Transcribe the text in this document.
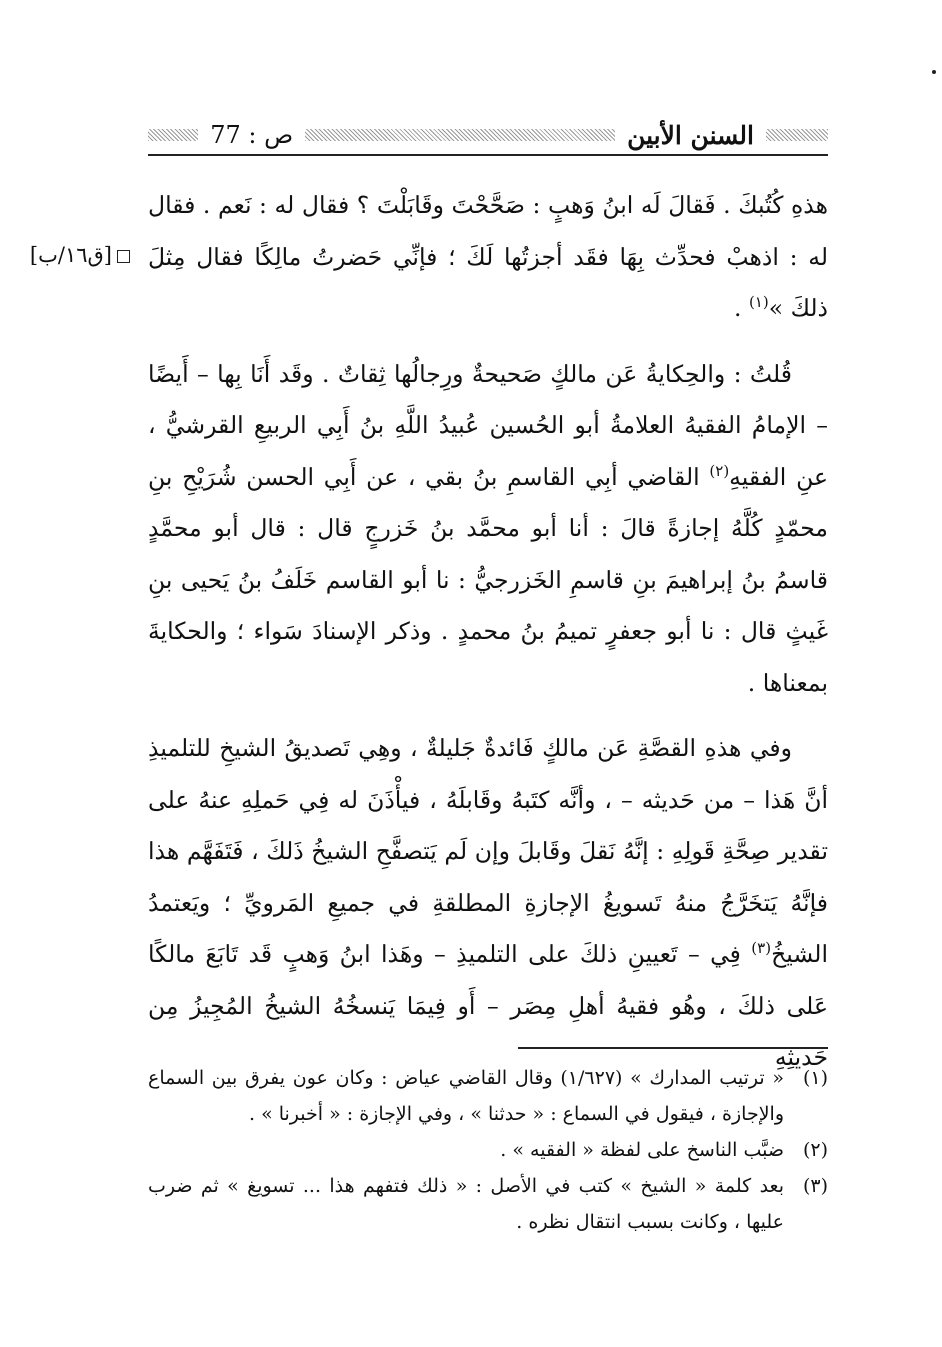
السنن الأبين
ص : 77
[ق١٦/ب]

هذهِ كُتُبكَ . فَقالَ لَه ابنُ وَهبٍ : صَحَّحْتَ وقَابَلْتَ ؟ فقال له : نَعم . فقال له : اذهبْ فحدِّث بِهَا فقَد أجزتُها لَكَ ؛ فإنِّي حَضرتُ مالِكًا فقال مِثلَ ذلكَ »$^{(١)}$ .

قُلتُ : والحِكايةُ عَن مالكٍ صَحيحةٌ ورِجالُها ثِقاتٌ . وقَد أَنَا بِها – أَيضًا – الإمامُ الفقيهُ العلامةُ أبو الحُسين عُبيدُ اللَّهِ بنُ أَبِي الربيعِ القرشيُّ ، عنِ الفقيهِ$^{(٢)}$ القاضي أبِي القاسمِ بنُ بقي ، عن أَبِي الحسن شُرَيْحِ بنِ محمّدٍ كُلَّهُ إجازةً قالَ : أنا أبو محمَّد بنُ خَزرجٍ قال : قال أبو محمَّدٍ قاسمُ بنُ إبراهيمَ بنِ قاسمِ الخَزرجيُّ : نا أبو القاسم خَلَفُ بنُ يَحيى بنِ غَيثٍ قال : نا أبو جعفرٍ تميمُ بنُ محمدٍ . وذكر الإسنادَ سَواء ؛ والحكايةَ بمعناها .

وفي هذهِ القصَّةِ عَن مالكٍ فَائدةٌ جَليلةٌ ، وهِي تَصديقُ الشيخِ للتلميذِ أنَّ هَذا – من حَديثه – ، وأنَّه كتَبهُ وقَابلَهُ ، فيأْذَنَ له فِي حَملِهِ عنهُ على تقدير صِحَّةِ قَولِهِ : إنَّهُ نَقلَ وقَابلَ وإن لَم يَتصفَّحِ الشيخُ ذَلكَ ، فَتَفَهَّم هذا فإنَّهُ يَتخَرَّجُ منهُ تَسويغُ الإجازةِ المطلقةِ في جميعِ المَرويِّ ؛ ويَعتمدُ الشيخُ$^{(٣)}$ فِي – تَعيينِ ذلكَ على التلميذِ – وهَذا ابنُ وَهبٍ قَد تَابَعَ مالكًا عَلى ذلكَ ، وهُو فقيهُ أهلِ مِصَر – أَو فِيمَا يَنسخُهُ الشيخُ المُجِيزُ مِن حَديثِهِ

(١)
« ترتيب المدارك » (١/٦٢٧) وقال القاضي عياض : وكان عون يفرق بين السماع والإجازة ، فيقول في السماع : « حدثنا » ، وفي الإجازة : « أخبرنا » .
(٢)
ضبَّب الناسخ على لفظة « الفقيه » .
(٣)
بعد كلمة « الشيخ » كتب في الأصل : « ذلك فتفهم هذا ... تسويغ » ثم ضرب عليها ، وكانت بسبب انتقال نظره .
